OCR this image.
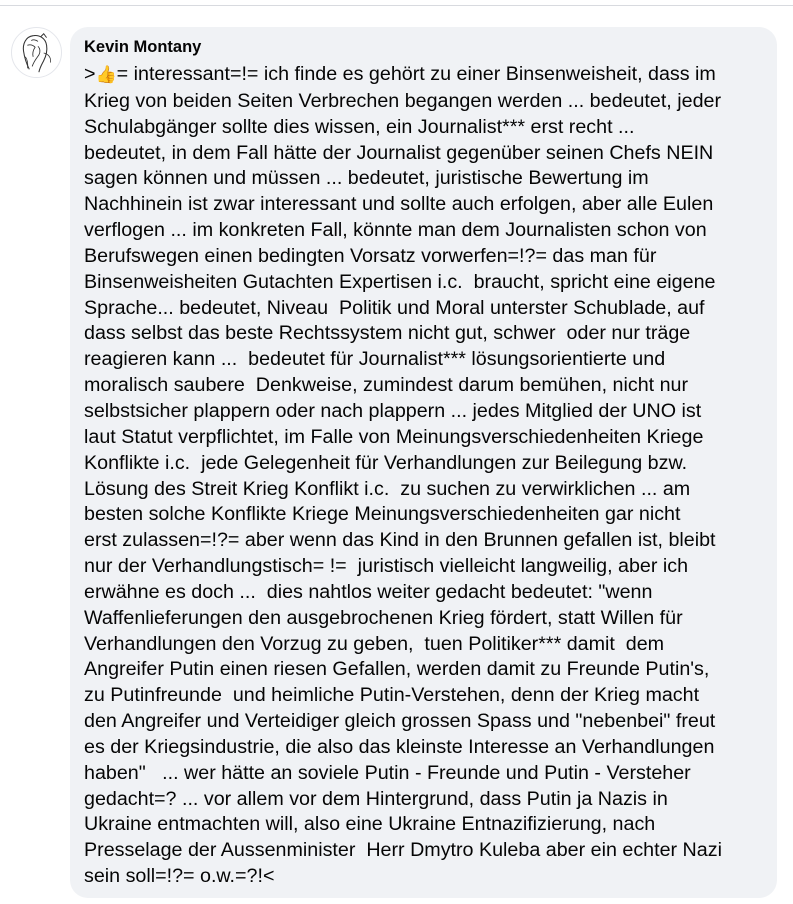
Kevin Montany
>👍= interessant=!= ich finde es gehört zu einer Binsenweisheit, dass im
Krieg von beiden Seiten Verbrechen begangen werden ... bedeutet, jeder
Schulabgänger sollte dies wissen, ein Journalist*** erst recht ...
bedeutet, in dem Fall hätte der Journalist gegenüber seinen Chefs NEIN
sagen können und müssen ... bedeutet, juristische Bewertung im
Nachhinein ist zwar interessant und sollte auch erfolgen, aber alle Eulen
verflogen ... im konkreten Fall, könnte man dem Journalisten schon von
Berufswegen einen bedingten Vorsatz vorwerfen=!?= das man für
Binsenweisheiten Gutachten Expertisen i.c.  braucht, spricht eine eigene
Sprache... bedeutet, Niveau  Politik und Moral unterster Schublade, auf
dass selbst das beste Rechtssystem nicht gut, schwer  oder nur träge
reagieren kann ...  bedeutet für Journalist*** lösungsorientierte und
moralisch saubere  Denkweise, zumindest darum bemühen, nicht nur
selbstsicher plappern oder nach plappern ... jedes Mitglied der UNO ist
laut Statut verpflichtet, im Falle von Meinungsverschiedenheiten Kriege
Konflikte i.c.  jede Gelegenheit für Verhandlungen zur Beilegung bzw.
Lösung des Streit Krieg Konflikt i.c.  zu suchen zu verwirklichen ... am
besten solche Konflikte Kriege Meinungsverschiedenheiten gar nicht
erst zulassen=!?= aber wenn das Kind in den Brunnen gefallen ist, bleibt
nur der Verhandlungstisch= !=  juristisch vielleicht langweilig, aber ich
erwähne es doch ...  dies nahtlos weiter gedacht bedeutet: "wenn
Waffenlieferungen den ausgebrochenen Krieg fördert, statt Willen für
Verhandlungen den Vorzug zu geben,  tuen Politiker*** damit  dem
Angreifer Putin einen riesen Gefallen, werden damit zu Freunde Putin's,
zu Putinfreunde  und heimliche Putin-Verstehen, denn der Krieg macht
den Angreifer und Verteidiger gleich grossen Spass und "nebenbei" freut
es der Kriegsindustrie, die also das kleinste Interesse an Verhandlungen
haben"   ... wer hätte an soviele Putin - Freunde und Putin - Versteher
gedacht=? ... vor allem vor dem Hintergrund, dass Putin ja Nazis in
Ukraine entmachten will, also eine Ukraine Entnazifizierung, nach
Presselage der Aussenminister  Herr Dmytro Kuleba aber ein echter Nazi
sein soll=!?= o.w.=?!<
